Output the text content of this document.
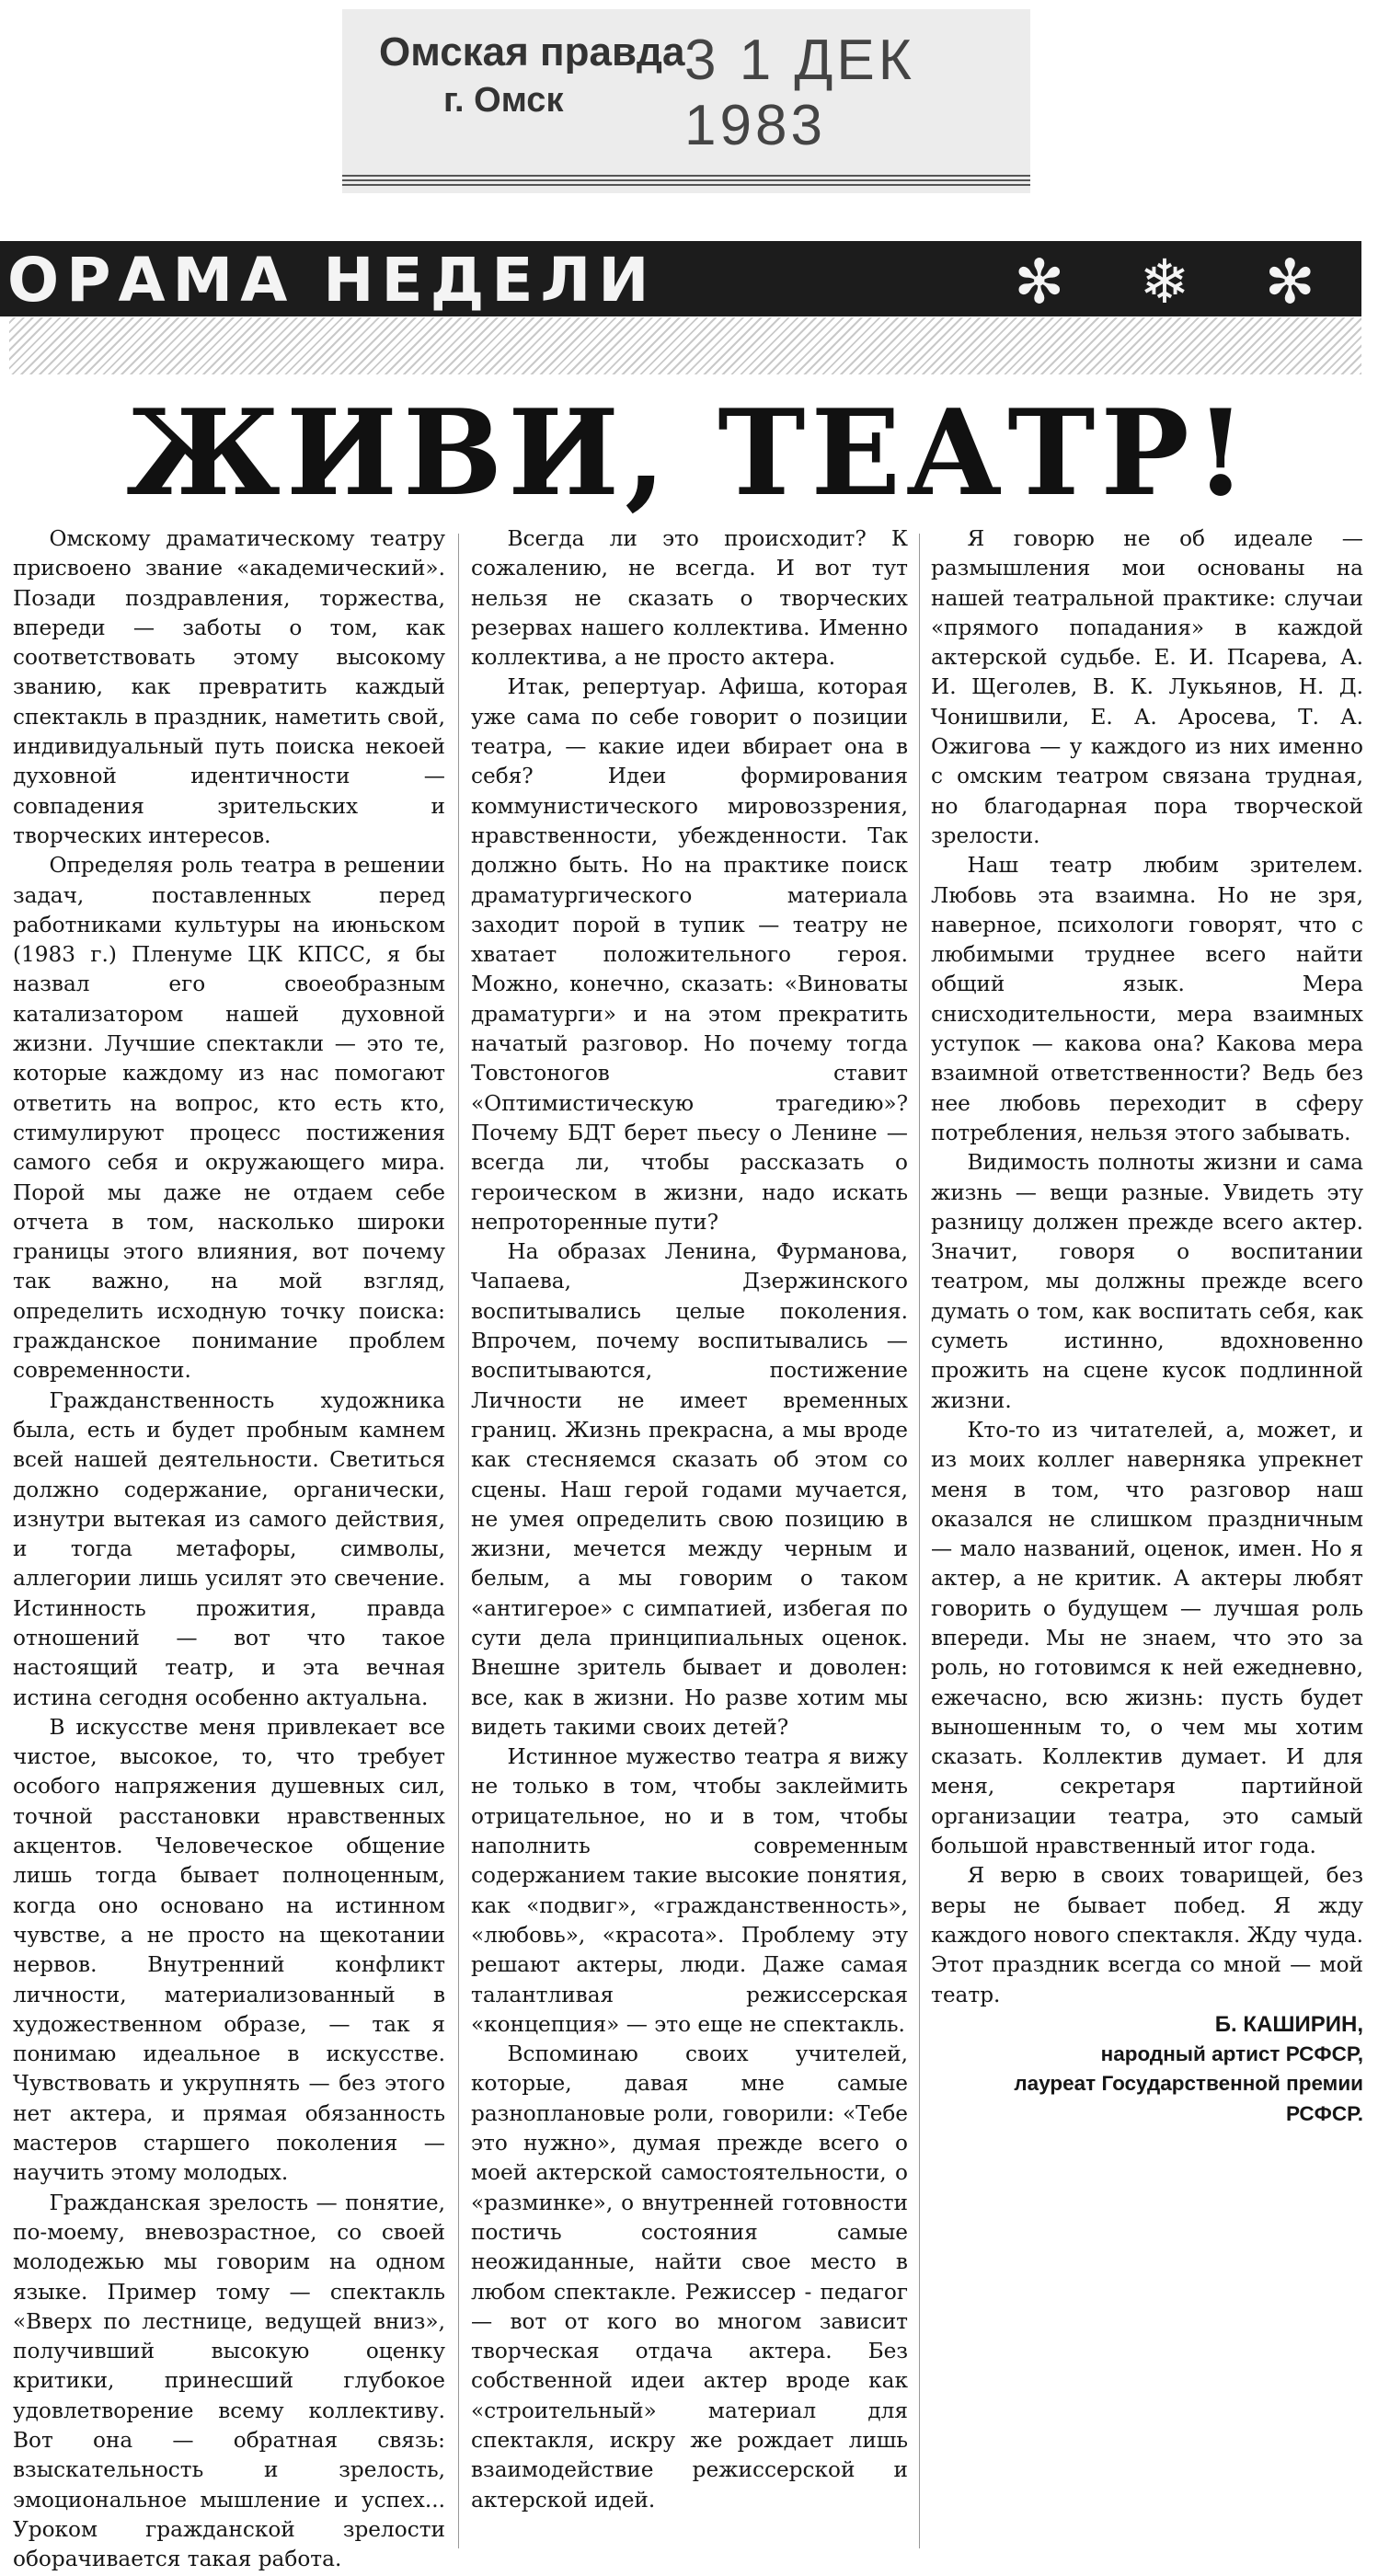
Омская правда
г. Омск
3 1 ДЕК 1983
ОРАМА НЕДЕЛИ	✻ ❄ ✻
ЖИВИ, ТЕАТР!

Омскому драматическому театру присвоено звание «академический». Позади поздравления, торжества, впереди — заботы о том, как соответствовать этому высокому званию, как превратить каждый спектакль в праздник, наметить свой, индивидуальный путь поиска некоей духовной идентичности — совпадения зрительских и творческих интересов.

Определяя роль театра в решении задач, поставленных перед работниками культуры на июньском (1983 г.) Пленуме ЦК КПСС, я бы назвал его своеобразным катализатором нашей духовной жизни. Лучшие спектакли — это те, которые каждому из нас помогают ответить на вопрос, кто есть кто, стимулируют процесс постижения самого себя и окружающего мира. Порой мы даже не отдаем себе отчета в том, насколько широки границы этого влияния, вот почему так важно, на мой взгляд, определить исходную точку поиска: гражданское понимание проблем современности.

Гражданственность художника была, есть и будет пробным камнем всей нашей деятельности. Светиться должно содержание, органически, изнутри вытекая из самого действия, и тогда метафоры, символы, аллегории лишь усилят это свечение. Истинность прожития, правда отношений — вот что такое настоящий театр, и эта вечная истина сегодня особенно актуальна.

В искусстве меня привлекает все чистое, высокое, то, что требует особого напряжения душевных сил, точной расстановки нравственных акцентов. Человеческое общение лишь тогда бывает полноценным, когда оно основано на истинном чувстве, а не просто на щекотании нервов. Внутренний конфликт личности, материализованный в художественном образе, — так я понимаю идеальное в искусстве. Чувствовать и укрупнять — без этого нет актера, и прямая обязанность мастеров старшего поколения — научить этому молодых.

Гражданская зрелость — понятие, по-моему, вневозрастное, со своей молодежью мы говорим на одном языке. Пример тому — спектакль «Вверх по лестнице, ведущей вниз», получивший высокую оценку критики, принесший глубокое удовлетворение всему коллективу. Вот она — обратная связь: взыскательность и зрелость, эмоциональное мышление и успех... Уроком гражданской зрелости оборачивается такая работа.

Всегда ли это происходит? К сожалению, не всегда. И вот тут нельзя не сказать о творческих резервах нашего коллектива. Именно коллектива, а не просто актера.

Итак, репертуар. Афиша, которая уже сама по себе говорит о позиции театра, — какие идеи вбирает она в себя? Идеи формирования коммунистического мировоззрения, нравственности, убежденности. Так должно быть. Но на практике поиск драматургического материала заходит порой в тупик — театру не хватает положительного героя. Можно, конечно, сказать: «Виноваты драматурги» и на этом прекратить начатый разговор. Но почему тогда Товстоногов ставит «Оптимистическую трагедию»? Почему БДТ берет пьесу о Ленине — всегда ли, чтобы рассказать о героическом в жизни, надо искать непроторенные пути?

На образах Ленина, Фурманова, Чапаева, Дзержинского воспитывались целые поколения. Впрочем, почему воспитывались — воспитываются, постижение Личности не имеет временных границ. Жизнь прекрасна, а мы вроде как стесняемся сказать об этом со сцены. Наш герой годами мучается, не умея определить свою позицию в жизни, мечется между черным и белым, а мы говорим о таком «антигерое» с симпатией, избегая по сути дела принципиальных оценок. Внешне зритель бывает и доволен: все, как в жизни. Но разве хотим мы видеть такими своих детей?

Истинное мужество театра я вижу не только в том, чтобы заклеймить отрицательное, но и в том, чтобы наполнить современным содержанием такие высокие понятия, как «подвиг», «гражданственность», «любовь», «красота». Проблему эту решают актеры, люди. Даже самая талантливая режиссерская «концепция» — это еще не спектакль.

Вспоминаю своих учителей, которые, давая мне самые разноплановые роли, говорили: «Тебе это нужно», думая прежде всего о моей актерской самостоятельности, о «разминке», о внутренней готовности постичь состояния самые неожиданные, найти свое место в любом спектакле. Режиссер - педагог — вот от кого во многом зависит творческая отдача актера. Без собственной идеи актер вроде как «строительный» материал для спектакля, искру же рождает лишь взаимодействие режиссерской и актерской идей.

Я говорю не об идеале — размышления мои основаны на нашей театральной практике: случаи «прямого попадания» в каждой актерской судьбе. Е. И. Псарева, А. И. Щеголев, В. К. Лукьянов, Н. Д. Чонишвили, Е. А. Аросева, Т. А. Ожигова — у каждого из них именно с омским театром связана трудная, но благодарная пора творческой зрелости.

Наш театр любим зрителем. Любовь эта взаимна. Но не зря, наверное, психологи говорят, что с любимыми труднее всего найти общий язык. Мера снисходительности, мера взаимных уступок — какова она? Какова мера взаимной ответственности? Ведь без нее любовь переходит в сферу потребления, нельзя этого забывать.

Видимость полноты жизни и сама жизнь — вещи разные. Увидеть эту разницу должен прежде всего актер. Значит, говоря о воспитании театром, мы должны прежде всего думать о том, как воспитать себя, как суметь истинно, вдохновенно прожить на сцене кусок подлинной жизни.

Кто-то из читателей, а, может, и из моих коллег наверняка упрекнет меня в том, что разговор наш оказался не слишком праздничным — мало названий, оценок, имен. Но я актер, а не критик. А актеры любят говорить о будущем — лучшая роль впереди. Мы не знаем, что это за роль, но готовимся к ней ежедневно, ежечасно, всю жизнь: пусть будет выношенным то, о чем мы хотим сказать. Коллектив думает. И для меня, секретаря партийной организации театра, это самый большой нравственный итог года.

Я верю в своих товарищей, без веры не бывает побед. Я жду каждого нового спектакля. Жду чуда. Этот праздник всегда со мной — мой театр.

Б. КАШИРИН,

народный артист РСФСР,

лауреат Государственной премии РСФСР.
